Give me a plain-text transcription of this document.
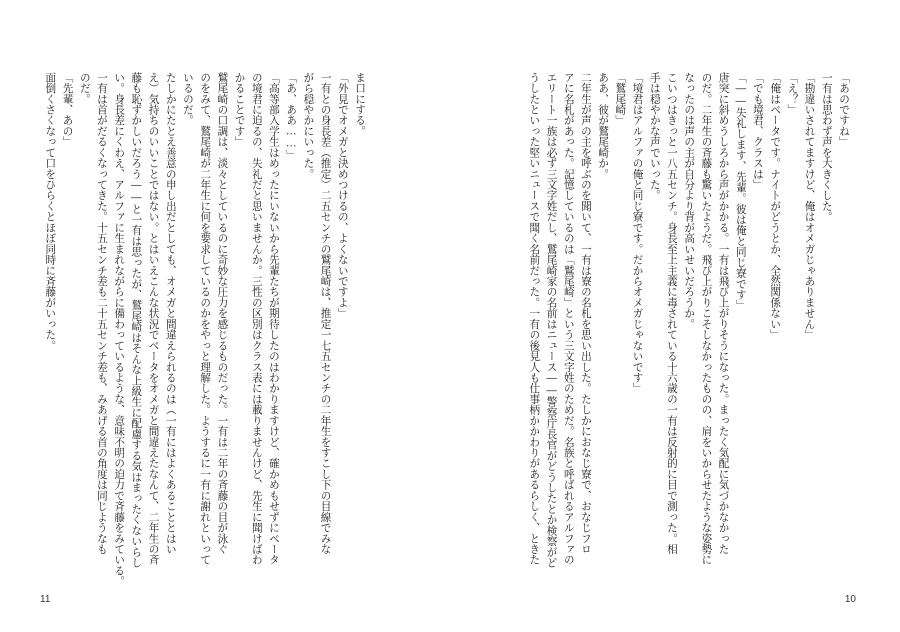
ま口にする。

「外見でオメガと決めつけるの、よくないですよ」

一有との身長差（推定）二五センチの鷲尾崎は、推定一七五センチの二年生をすこし下の目線でみな

がら穏やかにいった。

「あ、ああ……」

「高等部入学生はめったにいないから先輩たちが期待したのはわかりますけど、確かめもせずにベータ

の境君に迫るの、失礼だと思いませんか。三性の区別はクラス表には載りませんけど、先生に聞けばわ

かることです」

鷲尾崎の口調は、淡々としているのに奇妙な圧力を感じるものだった。一有は二年の斉藤の目が泳ぐ

のをみて、鷲尾崎が二年生に何を要求しているのかをやっと理解した。ようするに一有に謝れといって

いるのだ。

たしかにたとえ善意の申し出だとしても、オメガと間違えられるのは（一有にはよくあることとはい

え）気持ちのいいことではない。とはいえこんな状況でベータをオメガと間違えたなんて、二年生の斉

藤も恥ずかしいだろう――と一有は思ったが、鷲尾崎はそんな上級生に配慮する気はまったくないらし

い。身長差にくわえ、アルファに生まれながらに備わっているような、意味不明の迫力で斉藤をみている。

一有は首がだるくなってきた。十五センチ差も二十五センチ差も、みあげる首の角度は同じようなも

のだ。

「先輩、あの」

面倒くさくなって口をひらくとほぼ同時に斉藤がいった。

11

「あのですね」

一有は思わず声を大きくした。

「勘違いされてますけど、俺はオメガじゃありません」

「え？」

「俺はベータです。ナイトがどうとか、全然関係ない」

「でも境君、クラスは」

「――失礼します、先輩。彼は俺と同じ寮です」

唐突に斜めうしろから声がかかる。一有は飛び上がりそうになった。まったく気配に気づかなかった

のだ。二年生の斉藤も驚いたようだ。飛び上がりこそしなかったものの、肩をいからせたような姿勢に

なったのは声の主が自分より背が高いせいだろうか。

こいつはきっと一八五センチ。身長至上主義に毒されている十六歳の一有は反射的に目で測った。相

手は穏やかな声でいった。

「境君はアルファの俺と同じ寮です。だからオメガじゃないです」

「鷲尾崎」

ああ、彼が鷲尾崎か。

二年生が声の主を呼ぶのを聞いて、一有は寮の名札を思い出した。たしかにおなじ寮で、おなじフロ

アに名札があった。記憶しているのは「鷲尾崎」という三文字姓のためだ。名族と呼ばれるアルファの

エリート一族は必ず三文字姓だし、鷲尾崎家の名前はニュース――警察庁長官がどうしたとか検察がど

うしたといった堅いニュースで聞く名前だった。一有の後見人も仕事柄かかわりがあるらしく、ときた

10
